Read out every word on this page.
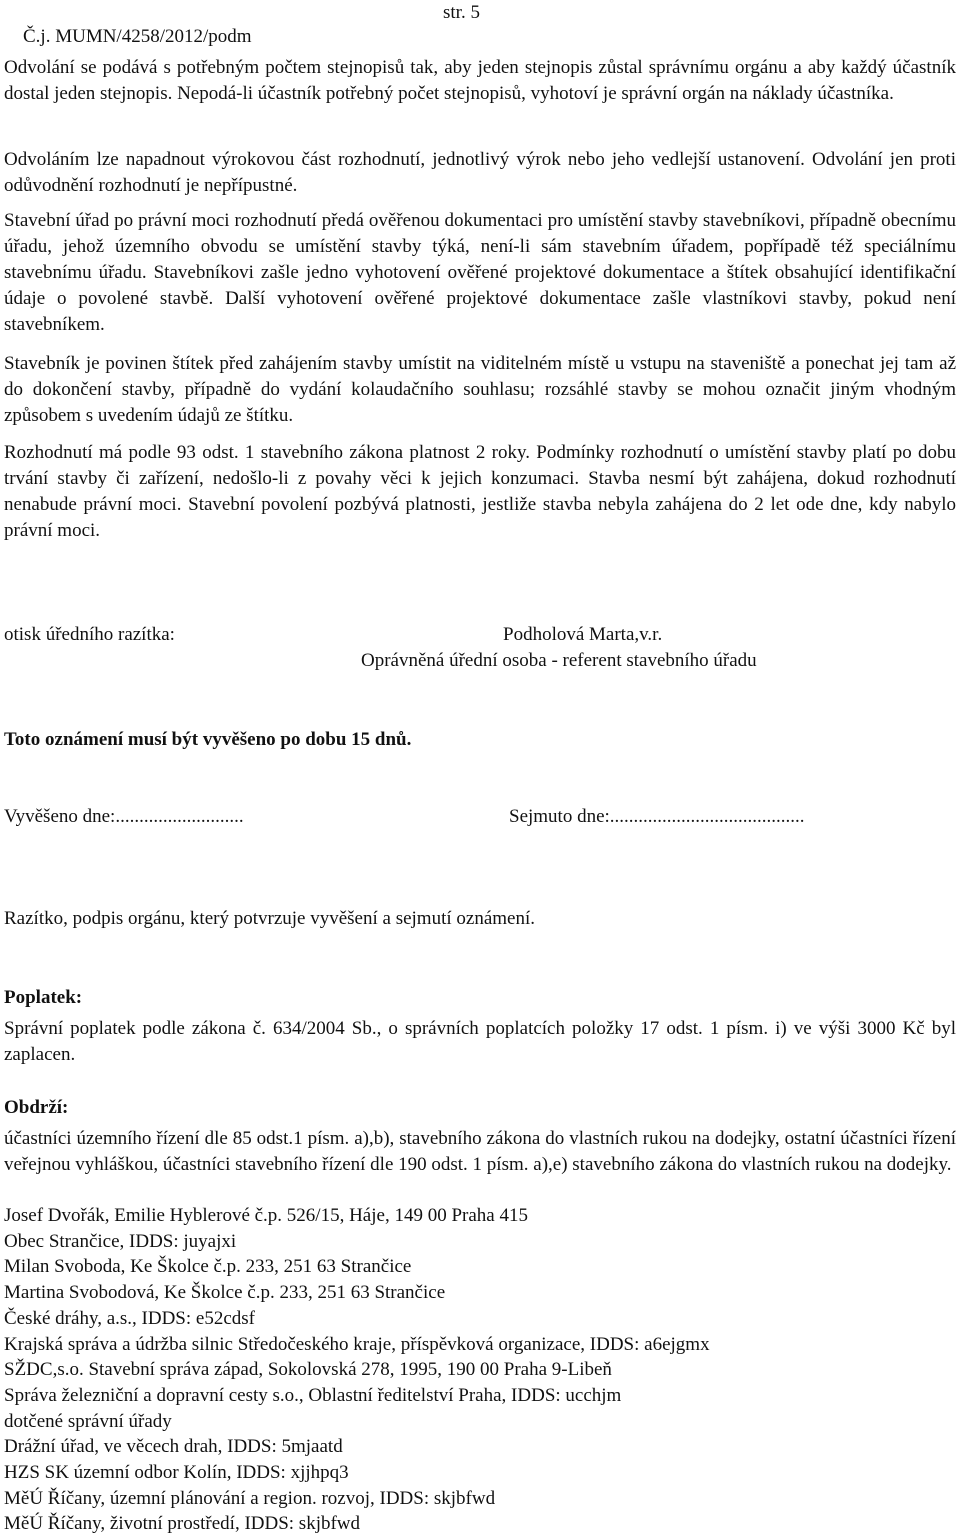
Č.j. MUMN/4258/2012/podm

str. 5

Odvolání se podává s potřebným počtem stejnopisů tak, aby jeden stejnopis zůstal správnímu orgánu a aby každý účastník dostal jeden stejnopis. Nepodá-li účastník potřebný počet stejnopisů, vyhotoví je správní orgán na náklady účastníka.

Odvoláním lze napadnout výrokovou část rozhodnutí, jednotlivý výrok nebo jeho vedlejší ustanovení. Odvolání jen proti odůvodnění rozhodnutí je nepřípustné.

Stavební úřad po právní moci rozhodnutí předá ověřenou dokumentaci pro umístění stavby stavebníkovi, případně obecnímu úřadu, jehož územního obvodu se umístění stavby týká, není-li sám stavebním úřadem, popřípadě též speciálnímu stavebnímu úřadu. Stavebníkovi zašle jedno vyhotovení ověřené projektové dokumentace a štítek obsahující identifikační údaje o povolené stavbě. Další vyhotovení ověřené projektové dokumentace zašle vlastníkovi stavby, pokud není stavebníkem.

Stavebník je povinen štítek před zahájením stavby umístit na viditelném místě u vstupu na staveniště a ponechat jej tam až do dokončení stavby, případně do vydání kolaudačního souhlasu; rozsáhlé stavby se mohou označit jiným vhodným způsobem s uvedením údajů ze štítku.

Rozhodnutí má podle 93 odst. 1 stavebního zákona platnost 2 roky. Podmínky rozhodnutí o umístění stavby platí po dobu trvání stavby či zařízení, nedošlo-li z povahy věci k jejich konzumaci. Stavba nesmí být zahájena, dokud rozhodnutí nenabude právní moci. Stavební povolení pozbývá platnosti, jestliže stavba nebyla zahájena do 2 let ode dne, kdy nabylo právní moci.

otisk úředního razítka:	Podholová Marta,v.r.
Oprávněná úřední osoba - referent stavebního úřadu
Toto oznámení musí být vyvěšeno po dobu 15 dnů.
Vyvěšeno dne:...........................	Sejmuto dne:.........................................
Razítko, podpis orgánu, který potvrzuje vyvěšení a sejmutí oznámení.
Poplatek:

Správní poplatek podle zákona č. 634/2004 Sb., o správních poplatcích položky 17 odst. 1 písm. i) ve výši 3000 Kč byl zaplacen.

Obdrží:

účastníci územního řízení dle 85 odst.1 písm. a),b), stavebního zákona do vlastních rukou na dodejky, ostatní účastníci řízení veřejnou vyhláškou, účastníci stavebního řízení dle 190 odst. 1 písm. a),e) stavebního zákona do vlastních rukou na dodejky.

Josef Dvořák, Emilie Hyblerové č.p. 526/15, Háje, 149 00 Praha 415
Obec Strančice, IDDS: juyajxi
Milan Svoboda, Ke Školce č.p. 233, 251 63 Strančice
Martina Svobodová, Ke Školce č.p. 233, 251 63 Strančice
České dráhy, a.s., IDDS: e52cdsf
Krajská správa a údržba silnic Středočeského kraje, příspěvková organizace, IDDS: a6ejgmx
SŽDC,s.o. Stavební správa západ, Sokolovská 278, 1995, 190 00 Praha 9-Libeň
Správa železniční a dopravní cesty s.o., Oblastní ředitelství Praha, IDDS: ucchjm
dotčené správní úřady
Drážní úřad, ve věcech drah, IDDS: 5mjaatd
HZS SK územní odbor Kolín, IDDS: xjjhpq3
MěÚ Říčany, územní plánování a region. rozvoj, IDDS: skjbfwd
MěÚ Říčany, životní prostředí, IDDS: skjbfwd
